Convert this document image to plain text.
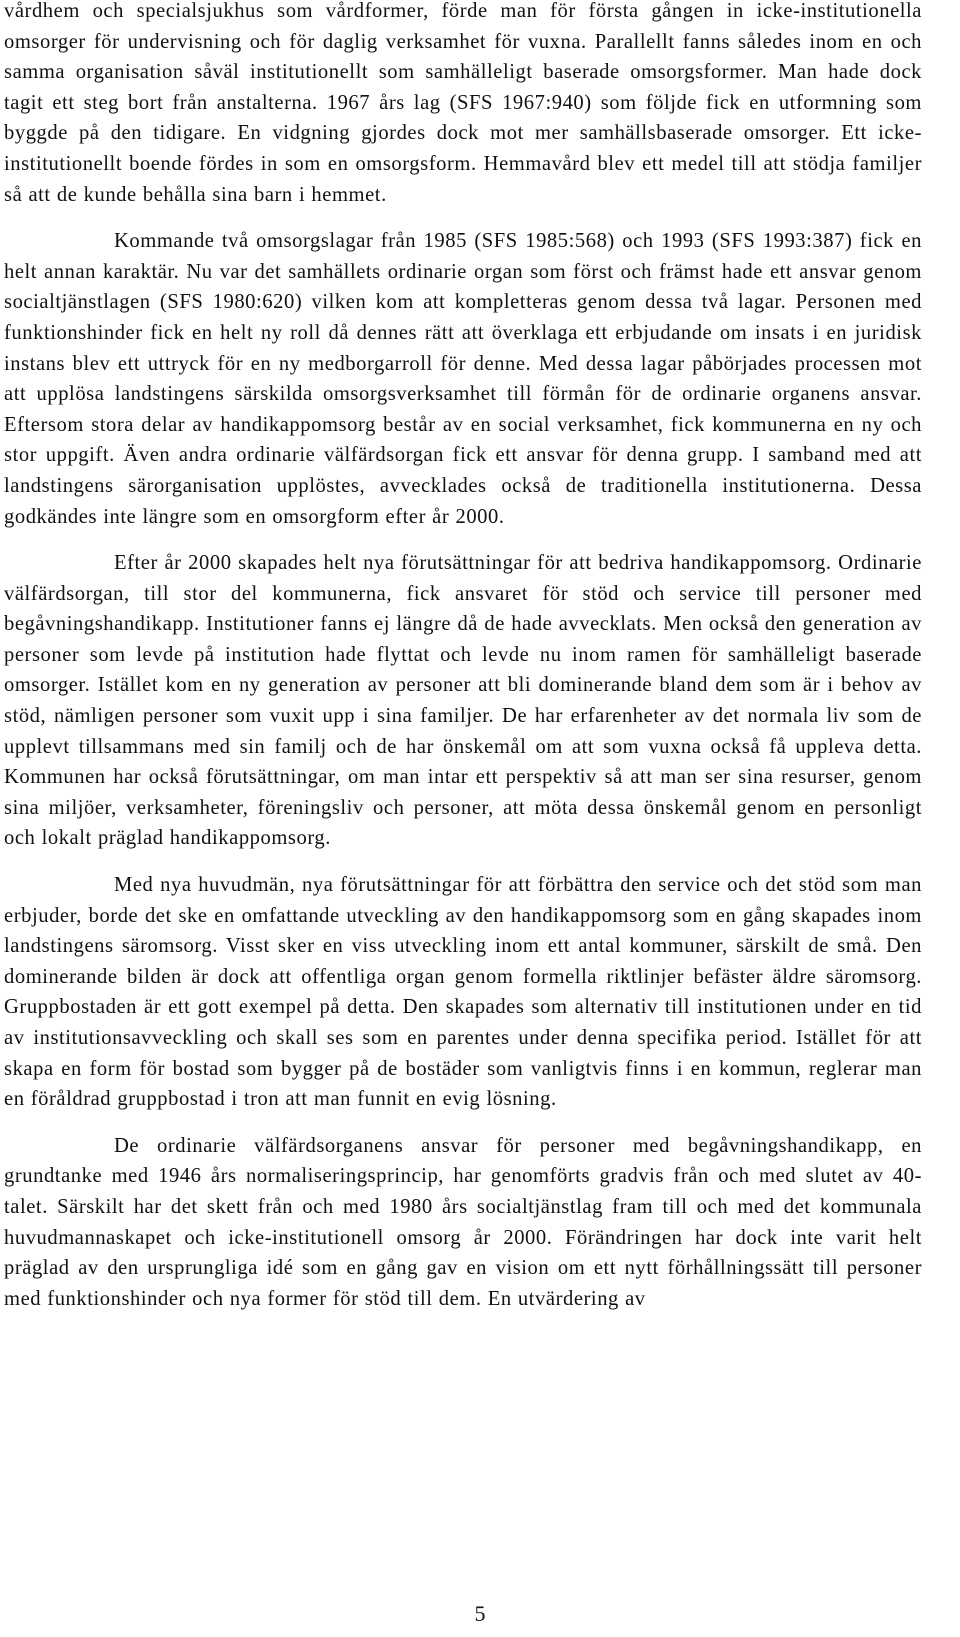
vårdhem och specialsjukhus som vårdformer, förde man för första gången in icke-institutionella omsorger för undervisning och för daglig verksamhet för vuxna. Parallellt fanns således inom en och samma organisation såväl institutionellt som samhälleligt baserade omsorgsformer. Man hade dock tagit ett steg bort från anstalterna. 1967 års lag (SFS 1967:940) som följde fick en utformning som byggde på den tidigare. En vidgning gjordes dock mot mer samhällsbaserade omsorger. Ett icke-institutionellt boende fördes in som en omsorgsform. Hemmavård blev ett medel till att stödja familjer så att de kunde behålla sina barn i hemmet.

Kommande två omsorgslagar från 1985 (SFS 1985:568) och 1993 (SFS 1993:387) fick en helt annan karaktär. Nu var det samhällets ordinarie organ som först och främst hade ett ansvar genom socialtjänstlagen (SFS 1980:620) vilken kom att kompletteras genom dessa två lagar. Personen med funktionshinder fick en helt ny roll då dennes rätt att överklaga ett erbjudande om insats i en juridisk instans blev ett uttryck för en ny medborgarroll för denne. Med dessa lagar påbörjades processen mot att upplösa landstingens särskilda omsorgsverksamhet till förmån för de ordinarie organens ansvar. Eftersom stora delar av handikappomsorg består av en social verksamhet, fick kommunerna en ny och stor uppgift. Även andra ordinarie välfärdsorgan fick ett ansvar för denna grupp. I samband med att landstingens särorganisation upplöstes, avvecklades också de traditionella institutionerna. Dessa godkändes inte längre som en omsorgform efter år 2000.

Efter år 2000 skapades helt nya förutsättningar för att bedriva handikappomsorg. Ordinarie välfärdsorgan, till stor del kommunerna, fick ansvaret för stöd och service till personer med begåvningshandikapp. Institutioner fanns ej längre då de hade avvecklats. Men också den generation av personer som levde på institution hade flyttat och levde nu inom ramen för samhälleligt baserade omsorger. Istället kom en ny generation av personer att bli dominerande bland dem som är i behov av stöd, nämligen personer som vuxit upp i sina familjer. De har erfarenheter av det normala liv som de upplevt tillsammans med sin familj och de har önskemål om att som vuxna också få uppleva detta. Kommunen har också förutsättningar, om man intar ett perspektiv så att man ser sina resurser, genom sina miljöer, verksamheter, föreningsliv och personer, att möta dessa önskemål genom en personligt och lokalt präglad handikappomsorg.

Med nya huvudmän, nya förutsättningar för att förbättra den service och det stöd som man erbjuder, borde det ske en omfattande utveckling av den handikappomsorg som en gång skapades inom landstingens säromsorg. Visst sker en viss utveckling inom ett antal kommuner, särskilt de små. Den dominerande bilden är dock att offentliga organ genom formella riktlinjer befäster äldre säromsorg. Gruppbostaden är ett gott exempel på detta. Den skapades som alternativ till institutionen under en tid av institutionsavveckling och skall ses som en parentes under denna specifika period. Istället för att skapa en form för bostad som bygger på de bostäder som vanligtvis finns i en kommun, reglerar man en föråldrad gruppbostad i tron att man funnit en evig lösning.

De ordinarie välfärdsorganens ansvar för personer med begåvningshandikapp, en grundtanke med 1946 års normaliseringsprincip, har genomförts gradvis från och med slutet av 40-talet. Särskilt har det skett från och med 1980 års socialtjänstlag fram till och med det kommunala huvudmannaskapet och icke-institutionell omsorg år 2000. Förändringen har dock inte varit helt präglad av den ursprungliga idé som en gång gav en vision om ett nytt förhållningssätt till personer med funktionshinder och nya former för stöd till dem. En utvärdering av

5
